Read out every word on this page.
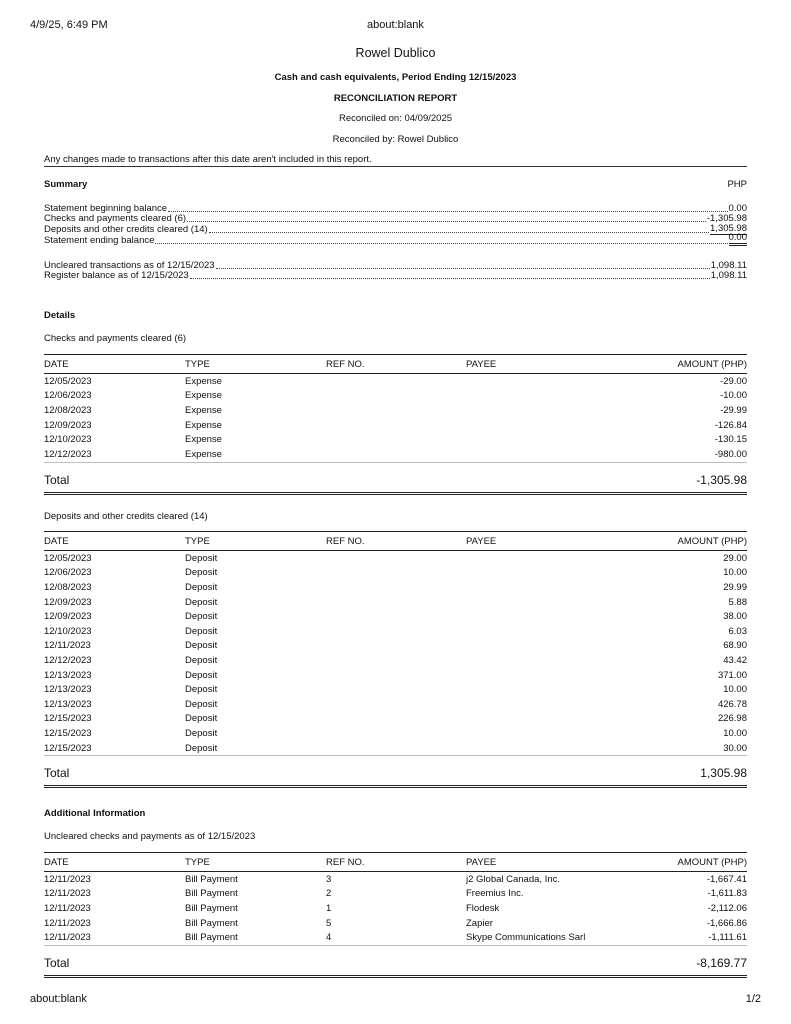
4/9/25, 6:49 PM	about:blank
about:blank	1/2
Rowel Dublico
Cash and cash equivalents, Period Ending 12/15/2023
RECONCILIATION REPORT
Reconciled on: 04/09/2025
Reconciled by: Rowel Dublico
Any changes made to transactions after this date aren't included in this report.
Summary	PHP
Statement beginning balance	0.00
Checks and payments cleared (6)	-1,305.98
Deposits and other credits cleared (14)	1,305.98
Statement ending balance	0.00
Uncleared transactions as of 12/15/2023	1,098.11
Register balance as of 12/15/2023	1,098.11
Details
Checks and payments cleared (6)
DATE	TYPE	REF NO.	PAYEE	AMOUNT (PHP)
12/05/2023	Expense			-29.00
12/06/2023	Expense			-10.00
12/08/2023	Expense			-29.99
12/09/2023	Expense			-126.84
12/10/2023	Expense			-130.15
12/12/2023	Expense			-980.00
Total	-1,305.98
Deposits and other credits cleared (14)
DATE	TYPE	REF NO.	PAYEE	AMOUNT (PHP)
12/05/2023	Deposit			29.00
12/06/2023	Deposit			10.00
12/08/2023	Deposit			29.99
12/09/2023	Deposit			5.88
12/09/2023	Deposit			38.00
12/10/2023	Deposit			6.03
12/11/2023	Deposit			68.90
12/12/2023	Deposit			43.42
12/13/2023	Deposit			371.00
12/13/2023	Deposit			10.00
12/13/2023	Deposit			426.78
12/15/2023	Deposit			226.98
12/15/2023	Deposit			10.00
12/15/2023	Deposit			30.00
Total	1,305.98
Additional Information
Uncleared checks and payments as of 12/15/2023
DATE	TYPE	REF NO.	PAYEE	AMOUNT (PHP)
12/11/2023	Bill Payment	3	j2 Global Canada, Inc.	-1,667.41
12/11/2023	Bill Payment	2	Freemius Inc.	-1,611.83
12/11/2023	Bill Payment	1	Flodesk	-2,112.06
12/11/2023	Bill Payment	5	Zapier	-1,666.86
12/11/2023	Bill Payment	4	Skype Communications Sarl	-1,111.61
Total	-8,169.77
